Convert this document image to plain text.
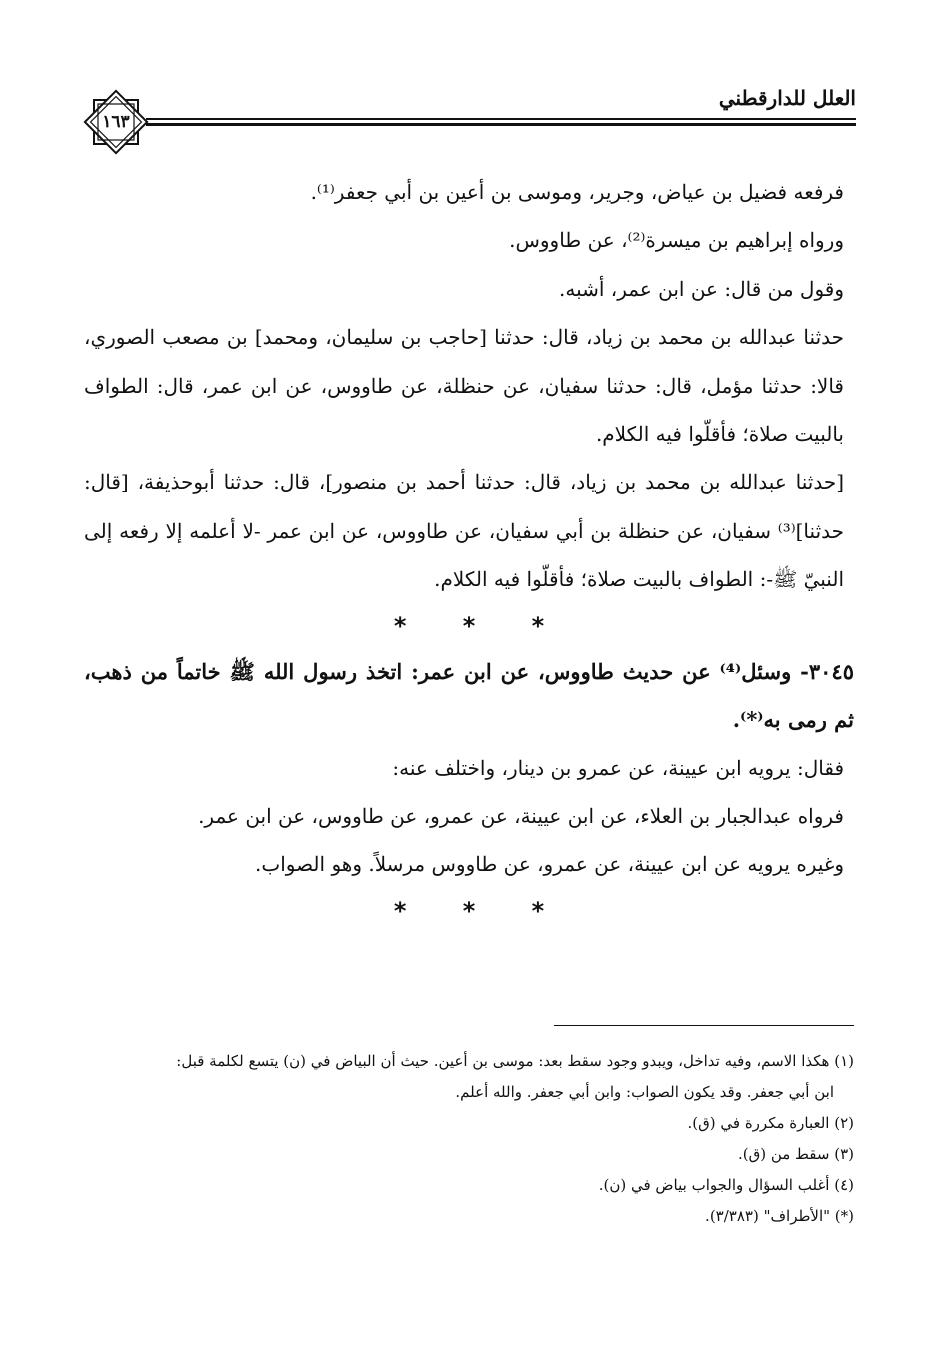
العلل للدارقطني
١٦٣

فرفعه فضيل بن عياض، وجرير، وموسى بن أعين بن أبي جعفر⁽¹⁾.

ورواه إبراهيم بن ميسرة⁽²⁾، عن طاووس.

وقول من قال: عن ابن عمر، أشبه.

حدثنا عبدالله بن محمد بن زياد، قال: حدثنا [حاجب بن سليمان، ومحمد] بن مصعب الصوري، قالا: حدثنا مؤمل، قال: حدثنا سفيان، عن حنظلة، عن طاووس، عن ابن عمر، قال: الطواف بالبيت صلاة؛ فأقلّوا فيه الكلام.

[حدثنا عبدالله بن محمد بن زياد، قال: حدثنا أحمد بن منصور]، قال: حدثنا أبوحذيفة، [قال: حدثنا]⁽³⁾ سفيان، عن حنظلة بن أبي سفيان، عن طاووس، عن ابن عمر -لا أعلمه إلا رفعه إلى النبيّ ﷺ-: الطواف بالبيت صلاة؛ فأقلّوا فيه الكلام.

* * *

٣٠٤٥- وسئل⁽⁴⁾ عن حديث طاووس، عن ابن عمر: اتخذ رسول الله ﷺ خاتماً من ذهب، ثم رمى به⁽*⁾.

فقال: يرويه ابن عيينة، عن عمرو بن دينار، واختلف عنه:

فرواه عبدالجبار بن العلاء، عن ابن عيينة، عن عمرو، عن طاووس، عن ابن عمر.

وغيره يرويه عن ابن عيينة، عن عمرو، عن طاووس مرسلاً. وهو الصواب.

* * *

(١) هكذا الاسم، وفيه تداخل، ويبدو وجود سقط بعد: موسى بن أعين. حيث أن البياض في (ن) يتسع لكلمة قبل:

ابن أبي جعفر. وقد يكون الصواب: وابن أبي جعفر. والله أعلم.

(٢) العبارة مكررة في (ق).

(٣) سقط من (ق).

(٤) أغلب السؤال والجواب بياض في (ن).

(*) "الأطراف" (٣/٣٨٣).
